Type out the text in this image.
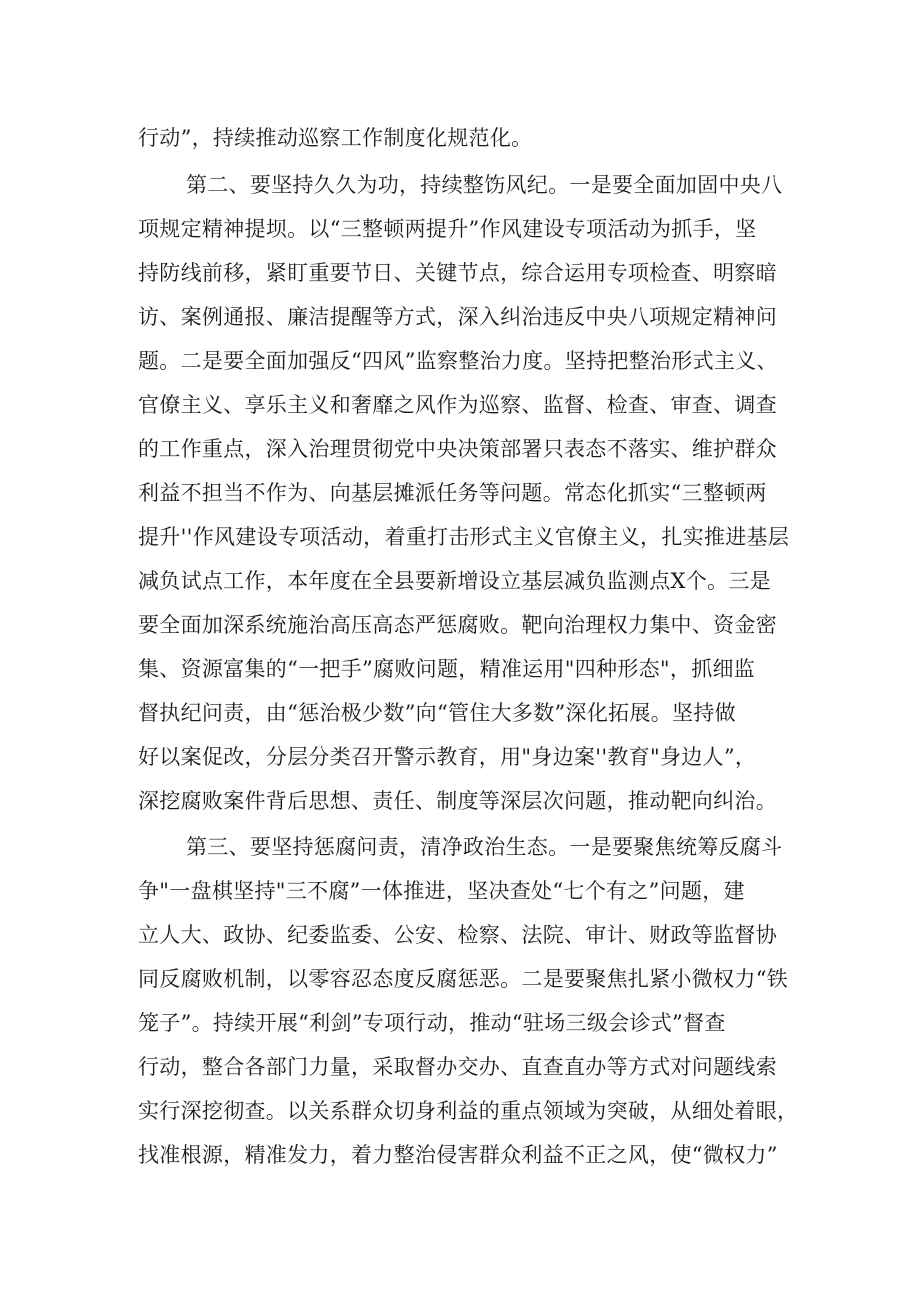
行动”，持续推动巡察工作制度化规范化。
第二、要坚持久久为功，持续整饬风纪。一是要全面加固中央八
项规定精神提坝。以“三整顿两提升”作风建设专项活动为抓手，坚
持防线前移，紧盯重要节日、关键节点，综合运用专项检查、明察暗
访、案例通报、廉洁提醒等方式，深入纠治违反中央八项规定精神问
题。二是要全面加强反“四风”监察整治力度。坚持把整治形式主义、
官僚主义、享乐主义和奢靡之风作为巡察、监督、检查、审查、调查
的工作重点，深入治理贯彻党中央决策部署只表态不落实、维护群众
利益不担当不作为、向基层摊派任务等问题。常态化抓实“三整顿两
提升''作风建设专项活动，着重打击形式主义官僚主义，扎实推进基层
减负试点工作，本年度在全县要新增设立基层减负监测点X个。三是
要全面加深系统施治高压高态严惩腐败。靶向治理权力集中、资金密
集、资源富集的“一把手”腐败问题，精准运用"四种形态"，抓细监
督执纪问责，由“惩治极少数”向“管住大多数”深化拓展。坚持做
好以案促改，分层分类召开警示教育，用"身边案''教育"身边人”，
深挖腐败案件背后思想、责任、制度等深层次问题，推动靶向纠治。
第三、要坚持惩腐问责，清净政治生态。一是要聚焦统筹反腐斗
争"一盘棋坚持"三不腐”一体推进，坚决查处“七个有之”问题，建
立人大、政协、纪委监委、公安、检察、法院、审计、财政等监督协
同反腐败机制，以零容忍态度反腐惩恶。二是要聚焦扎紧小微权力“铁
笼子”。持续开展“利剑”专项行动，推动“驻场三级会诊式”督查
行动，整合各部门力量，采取督办交办、直查直办等方式对问题线索
实行深挖彻查。以关系群众切身利益的重点领域为突破，从细处着眼，
找准根源，精准发力，着力整治侵害群众利益不正之风，使“微权力”
